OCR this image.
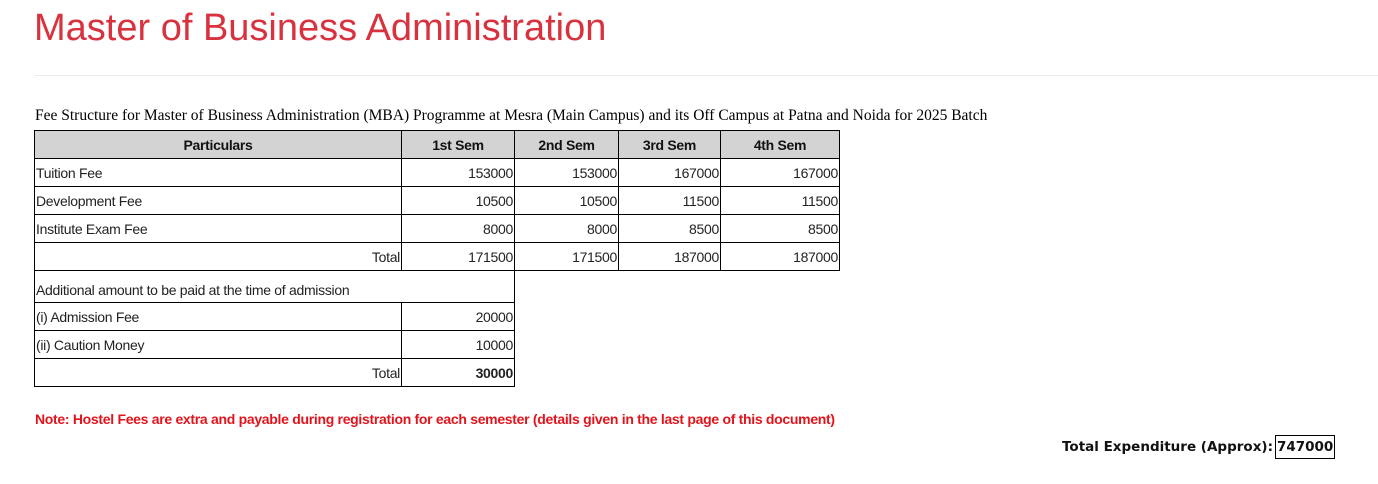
Master of Business Administration
Fee Structure for Master of Business Administration (MBA) Programme at Mesra (Main Campus) and its Off Campus at Patna and Noida for 2025 Batch
Particulars	1st Sem	2nd Sem	3rd Sem	4th Sem
Tuition Fee	153000	153000	167000	167000
Development Fee	10500	10500	11500	11500
Institute Exam Fee	8000	8000	8500	8500
Total	171500	171500	187000	187000
Additional amount to be paid at the time of admission				
(i) Admission Fee	20000			
(ii) Caution Money	10000			
Total	30000			
Note: Hostel Fees are extra and payable during registration for each semester (details given in the last page of this document)
Total Expenditure (Approx): 747000
